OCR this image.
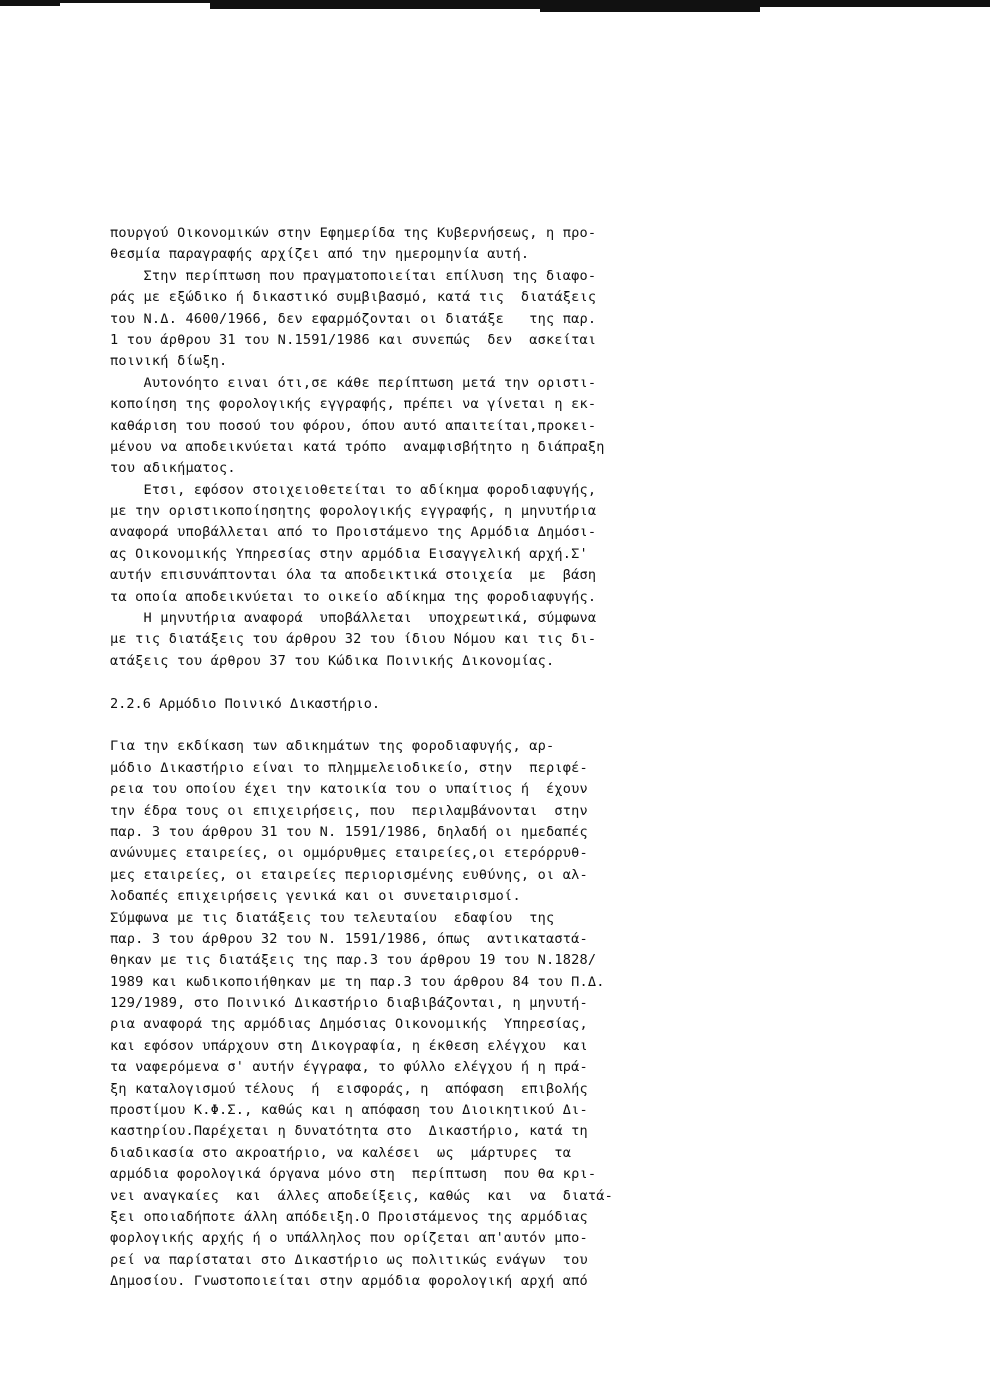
πουργού Οικονομικών στην Εφημερίδα της Κυβερνήσεως, η προ-
θεσμία παραγραφής αρχίζει από την ημερομηνία αυτή.
Στην περίπτωση που πραγματοποιείται επίλυση της διαφο-
ράς με εξώδικο ή δικαστικό συμβιβασμό, κατά τις  διατάξεις
του Ν.Δ. 4600/1966, δεν εφαρμόζονται οι διατάξε   της παρ.
1 του άρθρου 31 του Ν.1591/1986 και συνεπώς  δεν  ασκείται
ποινική δίωξη.
Αυτονόητο ειναι ότι,σε κάθε περίπτωση μετά την οριστι-
κοποίηση της φορολογικής εγγραφής, πρέπει να γίνεται η εκ-
καθάριση του ποσού του φόρου, όπου αυτό απαιτείται,προκει-
μένου να αποδεικνύεται κατά τρόπο  αναμφισβήτητο η διάπραξη
του αδικήματος.
Ετσι, εφόσον στοιχειοθετείται το αδίκημα φοροδιαφυγής,
με την οριστικοποίησητης φορολογικής εγγραφής, η μηνυτήρια
αναφορά υποβάλλεται από το Προιστάμενο της Αρμόδια Δημόσι-
ας Οικονομικής Υπηρεσίας στην αρμόδια Εισαγγελική αρχή.Σ'
αυτήν επισυνάπτονται όλα τα αποδεικτικά στοιχεία  με  βάση
τα οποία αποδεικνύεται το οικείο αδίκημα της φοροδιαφυγής.
Η μηνυτήρια αναφορά  υποβάλλεται  υποχρεωτικά, σύμφωνα
με τις διατάξεις του άρθρου 32 του ίδιου Νόμου και τις δι-
ατάξεις του άρθρου 37 του Κώδικα Ποινικής Δικονομίας.
2.2.6 Αρμόδιο Ποινικό Δικαστήριο.
Για την εκδίκαση των αδικημάτων της φοροδιαφυγής, αρ-
μόδιο Δικαστήριο είναι το πλημμελειοδικείο, στην  περιφέ-
ρεια του οποίου έχει την κατοικία του ο υπαίτιος ή  έχουν
την έδρα τους οι επιχειρήσεις, που  περιλαμβάνονται  στην
παρ. 3 του άρθρου 31 του Ν. 1591/1986, δηλαδή οι ημεδαπές
ανώνυμες εταιρείες, οι ομμόρυθμες εταιρείες,οι ετερόρρυθ-
μες εταιρείες, οι εταιρείες περιορισμένης ευθύνης, οι αλ-
λοδαπές επιχειρήσεις γενικά και οι συνεταιρισμοί.
Σύμφωνα με τις διατάξεις του τελευταίου  εδαφίου  της
παρ. 3 του άρθρου 32 του Ν. 1591/1986, όπως  αντικαταστά-
θηκαν με τις διατάξεις της παρ.3 του άρθρου 19 του Ν.1828/
1989 και κωδικοποιήθηκαν με τη παρ.3 του άρθρου 84 του Π.Δ.
129/1989, στο Ποινικό Δικαστήριο διαβιβάζονται, η μηνυτή-
ρια αναφορά της αρμόδιας Δημόσιας Οικονομικής  Υπηρεσίας,
και εφόσον υπάρχουν στη Δικογραφία, η έκθεση ελέγχου  και
τα ναφερόμενα σ' αυτήν έγγραφα, το φύλλο ελέγχου ή η πρά-
ξη καταλογισμού τέλους  ή  εισφοράς, η  απόφαση  επιβολής
προστίμου Κ.Φ.Σ., καθώς και η απόφαση του Διοικητικού Δι-
καστηρίου.Παρέχεται η δυνατότητα στο  Δικαστήριο, κατά τη
διαδικασία στο ακροατήριο, να καλέσει  ως  μάρτυρες  τα
αρμόδια φορολογικά όργανα μόνο στη  περίπτωση  που θα κρι-
νει αναγκαίες  και  άλλες αποδείξεις, καθώς  και  να  διατά-
ξει οποιαδήποτε άλλη απόδειξη.Ο Προιστάμενος της αρμόδιας
φορλογικής αρχής ή ο υπάλληλος που ορίζεται απ'αυτόν μπο-
ρεί να παρίσταται στο Δικαστήριο ως πολιτικώς ενάγων  του
Δημοσίου. Γνωστοποιείται στην αρμόδια φορολογική αρχή από
